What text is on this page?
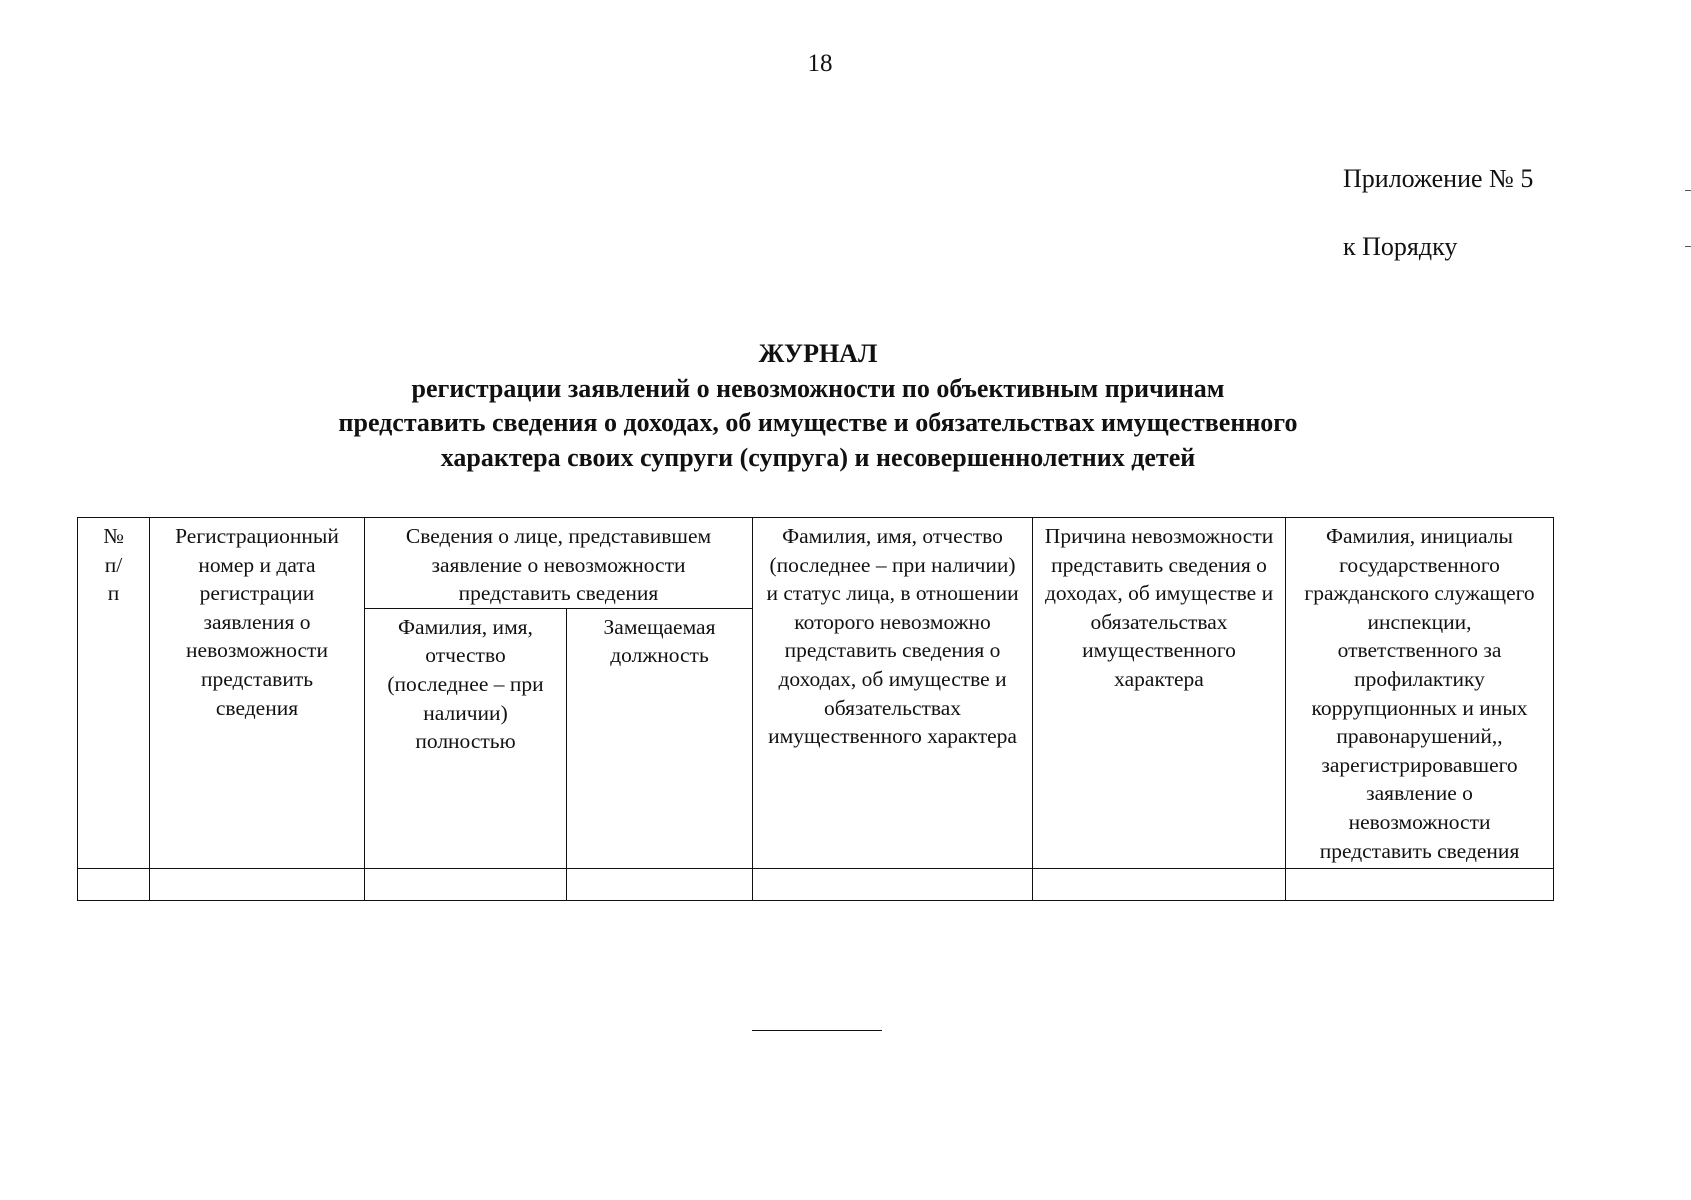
18
Приложение № 5
к Порядку
ЖУРНАЛ
регистрации заявлений о невозможности по объективным причинам
представить сведения о доходах, об имуществе и обязательствах имущественного
характера своих супруги (супруга) и несовершеннолетних детей
№ п/п	Регистрационный номер и дата регистрации заявления о невозможности представить сведения	Сведения о лице, представившем заявление о невозможности представить сведения		Фамилия, имя, отчество (последнее – при наличии) и статус лица, в отношении которого невозможно представить сведения о доходах, об имуществе и обязательствах имущественного характера	Причина невозможности представить сведения о доходах, об имуществе и обязательствах имущественного характера	Фамилия, инициалы государственного гражданского служащего инспекции, ответственного за профилактику коррупционных и иных правонарушений,, зарегистрировавшего заявление о невозможности представить сведения
		Фамилия, имя, отчество (последнее – при наличии) полностью	Замещаемая должность			
